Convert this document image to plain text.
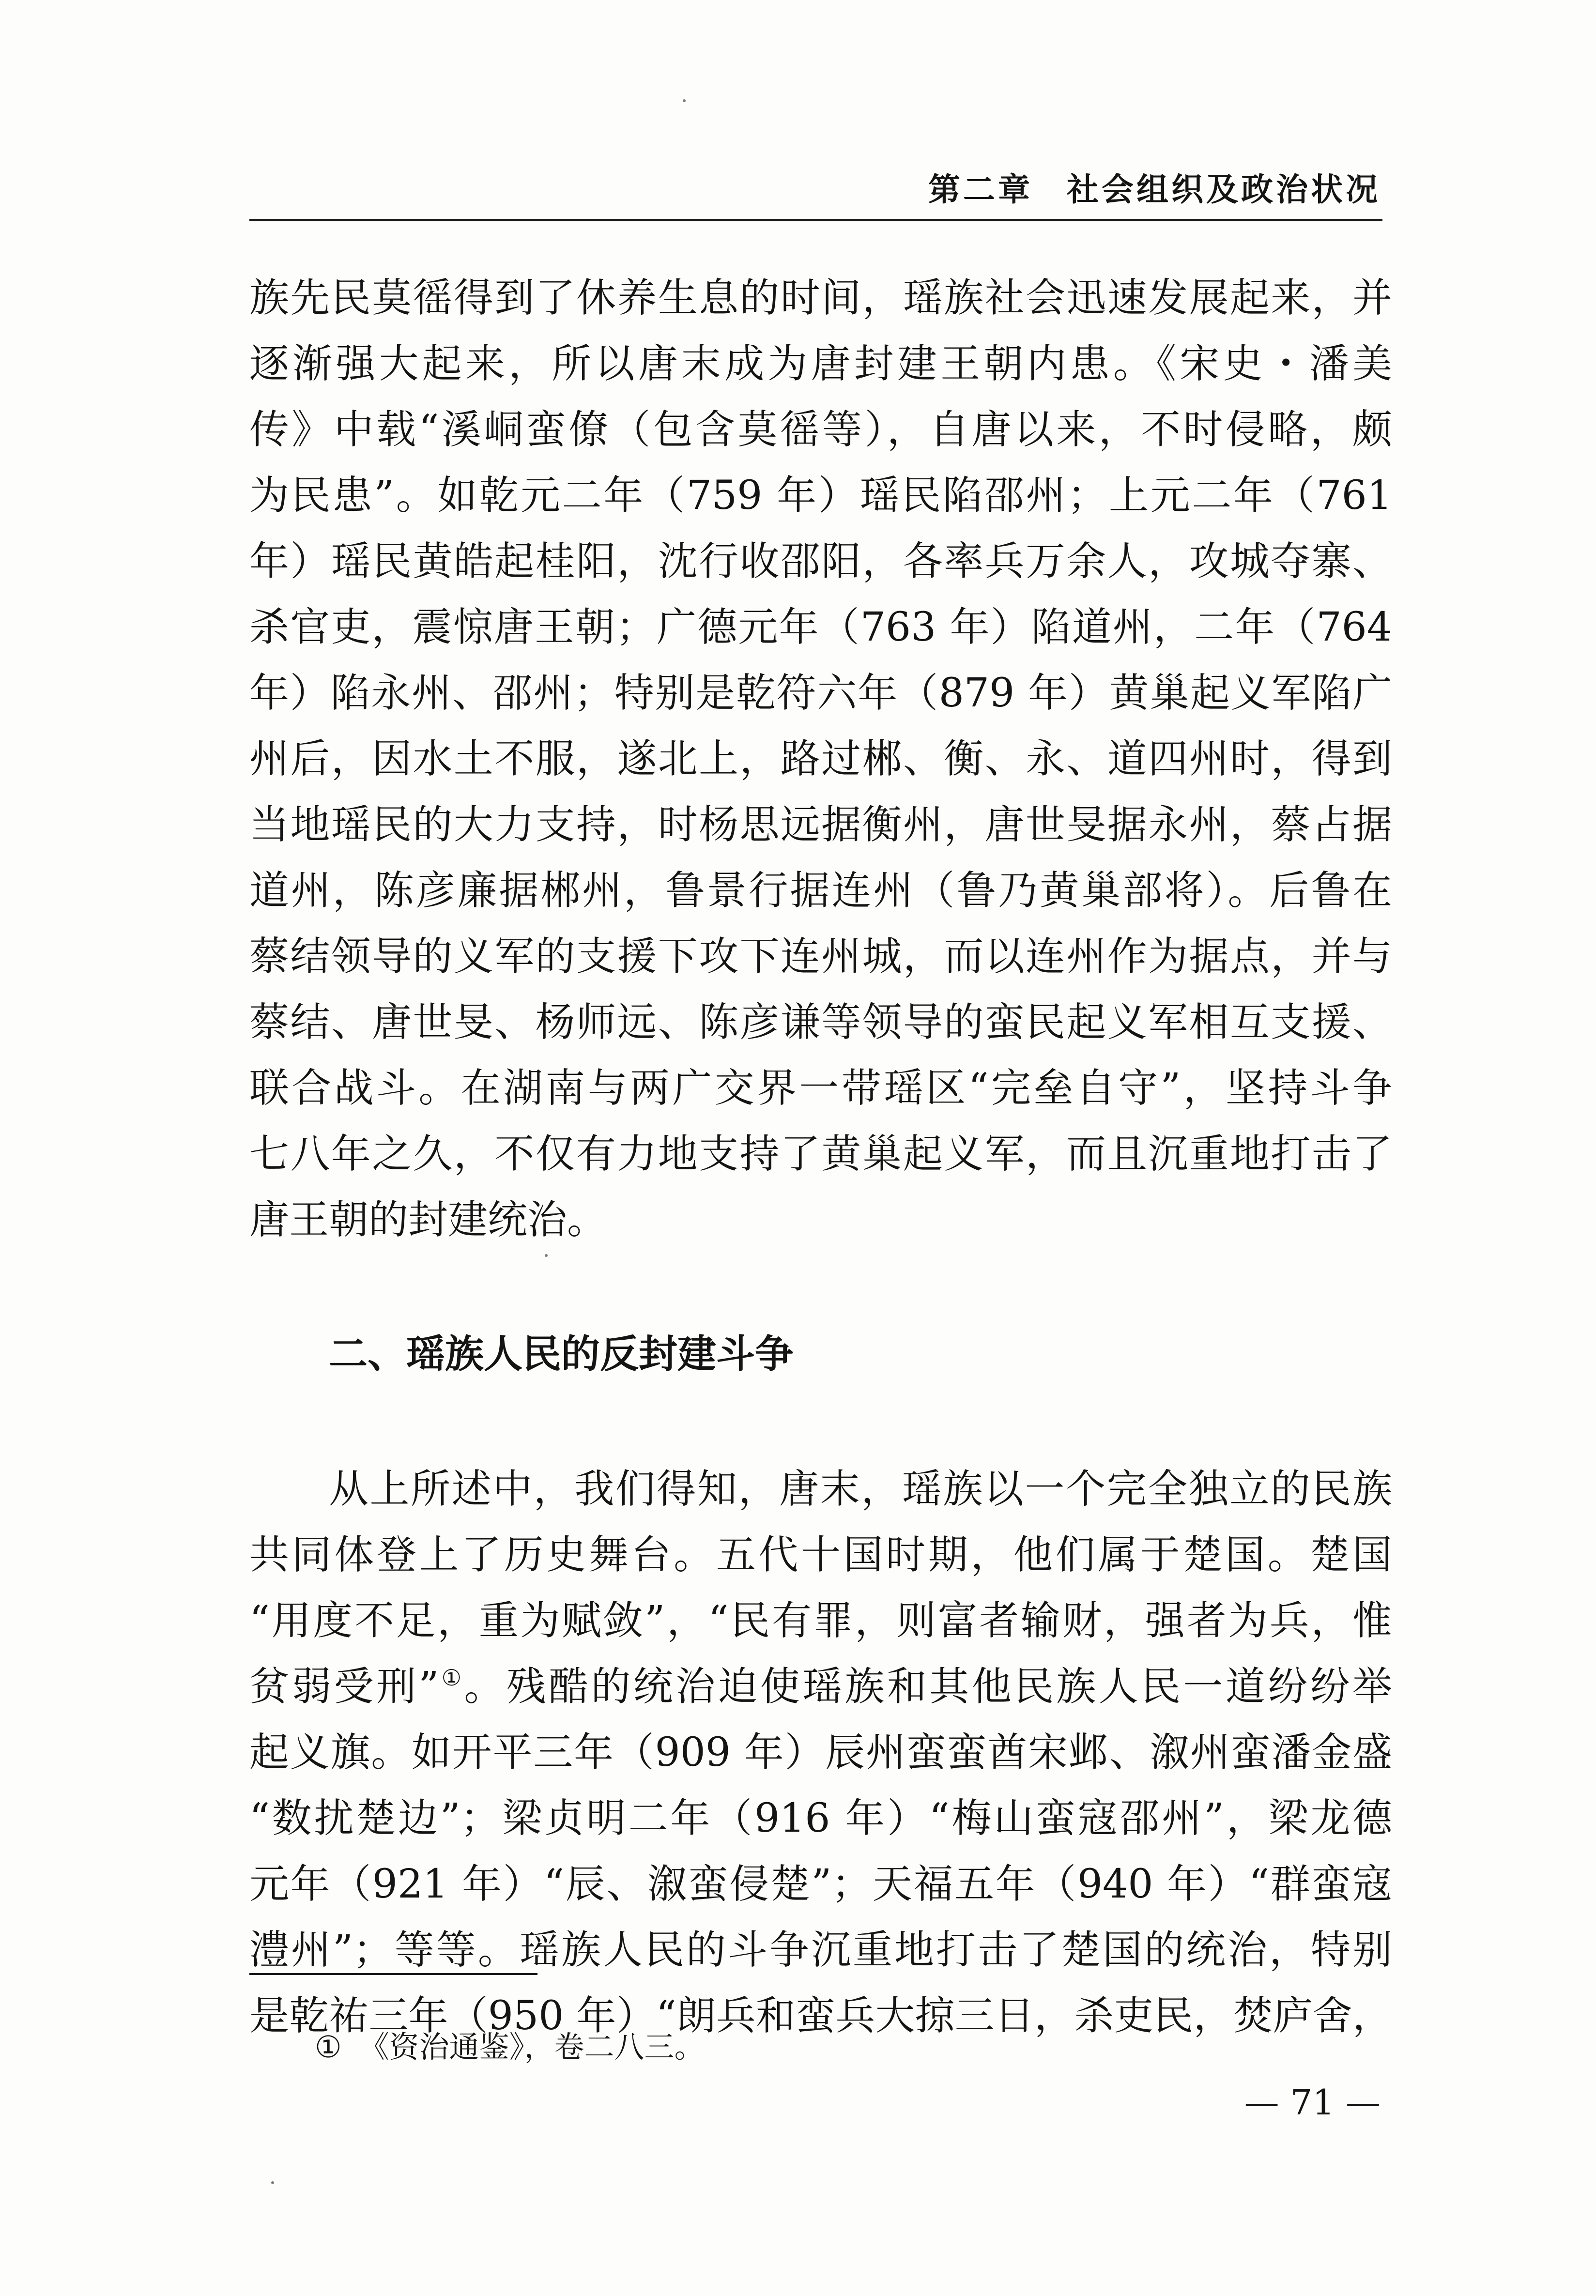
第二章 社会组织及政治状况
族先民莫徭得到了休养生息的时间，瑶族社会迅速发展起来，并
逐渐强大起来，所以唐末成为唐封建王朝内患。《宋史・潘美
传》中载“溪峒蛮僚（包含莫徭等），自唐以来，不时侵略，颇
为民患”。如乾元二年（759 年）瑶民陷邵州；上元二年（761
年）瑶民黄皓起桂阳，沈行收邵阳，各率兵万余人，攻城夺寨、
杀官吏，震惊唐王朝；广德元年（763 年）陷道州，二年（764
年）陷永州、邵州；特别是乾符六年（879 年）黄巢起义军陷广
州后，因水土不服，遂北上，路过郴、衡、永、道四州时，得到
当地瑶民的大力支持，时杨思远据衡州，唐世旻据永州，蔡占据
道州，陈彦廉据郴州，鲁景行据连州（鲁乃黄巢部将）。后鲁在
蔡结领导的义军的支援下攻下连州城，而以连州作为据点，并与
蔡结、唐世旻、杨师远、陈彦谦等领导的蛮民起义军相互支援、
联合战斗。在湖南与两广交界一带瑶区“完垒自守”，坚持斗争
七八年之久，不仅有力地支持了黄巢起义军，而且沉重地打击了
唐王朝的封建统治。
二、瑶族人民的反封建斗争
从上所述中，我们得知，唐末，瑶族以一个完全独立的民族
共同体登上了历史舞台。五代十国时期，他们属于楚国。楚国
“用度不足，重为赋敛”，“民有罪，则富者输财，强者为兵，惟
贫弱受刑”①。残酷的统治迫使瑶族和其他民族人民一道纷纷举
起义旗。如开平三年（909 年）辰州蛮蛮酋宋邺、溆州蛮潘金盛
“数扰楚边”；梁贞明二年（916 年）“梅山蛮寇邵州”，梁龙德
元年（921 年）“辰、溆蛮侵楚”；天福五年（940 年）“群蛮寇
澧州”；等等。瑶族人民的斗争沉重地打击了楚国的统治，特别
是乾祐三年（950 年）“朗兵和蛮兵大掠三日，杀吏民，焚庐舍，
① 《资治通鉴》，卷二八三。
— 71 —
